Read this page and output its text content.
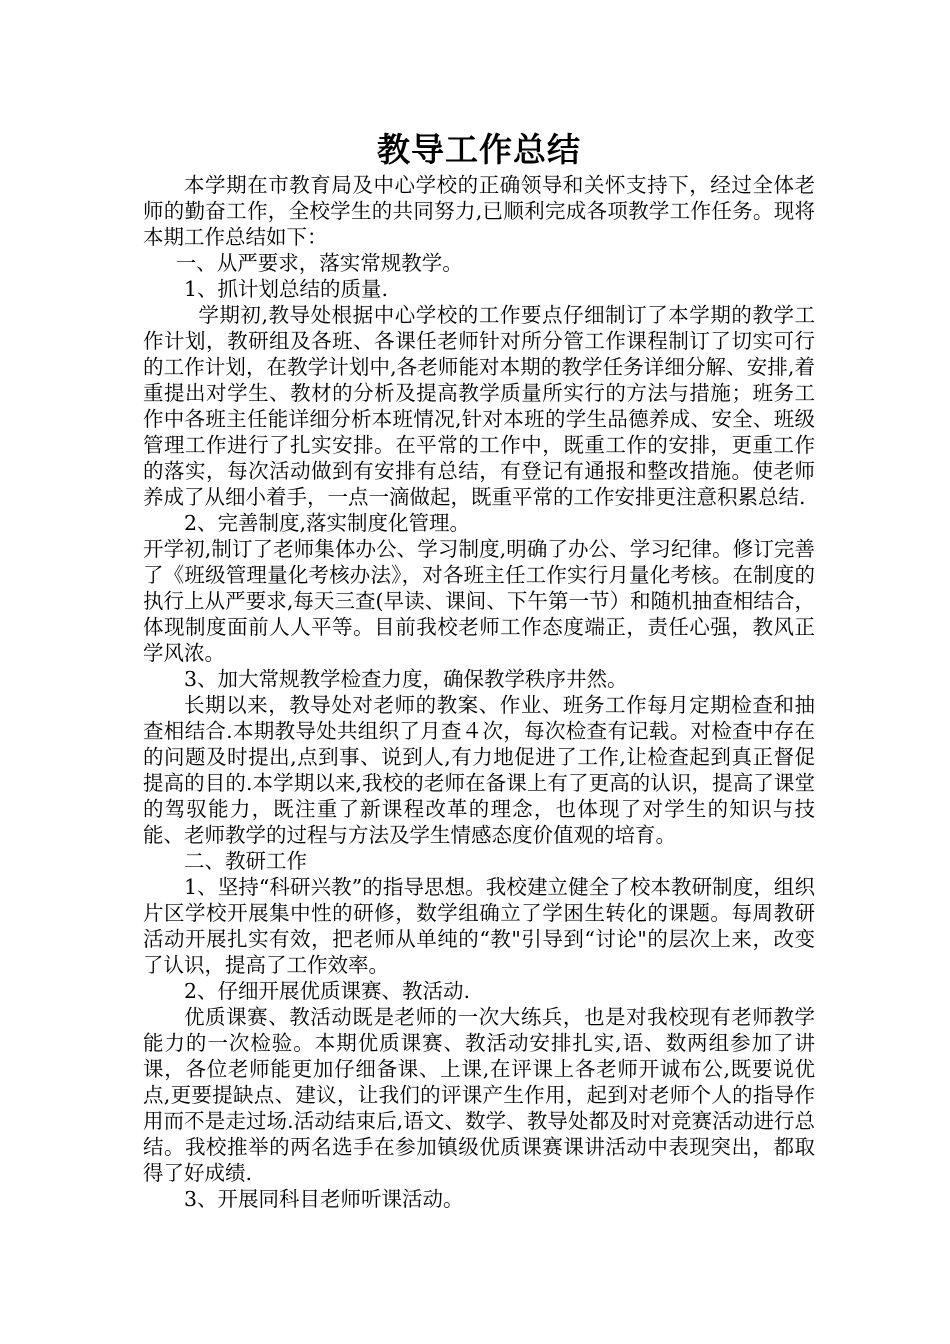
教导工作总结

本学期在市教育局及中心学校的正确领导和关怀支持下，经过全体老师的勤奋工作，全校学生的共同努力,已顺利完成各项教学工作任务。现将本期工作总结如下：

一、从严要求，落实常规教学。

1、抓计划总结的质量.

学期初,教导处根据中心学校的工作要点仔细制订了本学期的教学工作计划，教研组及各班、各课任老师针对所分管工作课程制订了切实可行的工作计划，在教学计划中,各老师能对本期的教学任务详细分解、安排,着重提出对学生、教材的分析及提高教学质量所实行的方法与措施；班务工作中各班主任能详细分析本班情况,针对本班的学生品德养成、安全、班级管理工作进行了扎实安排。在平常的工作中，既重工作的安排，更重工作的落实，每次活动做到有安排有总结，有登记有通报和整改措施。使老师养成了从细小着手，一点一滴做起，既重平常的工作安排更注意积累总结.

2、完善制度,落实制度化管理。

开学初,制订了老师集体办公、学习制度,明确了办公、学习纪律。修订完善了《班级管理量化考核办法》，对各班主任工作实行月量化考核。在制度的执行上从严要求,每天三查(早读、课间、下午第一节）和随机抽查相结合，体现制度面前人人平等。目前我校老师工作态度端正，责任心强，教风正学风浓。

3、加大常规教学检查力度，确保教学秩序井然。

长期以来，教导处对老师的教案、作业、班务工作每月定期检查和抽查相结合.本期教导处共组织了月查４次，每次检查有记载。对检查中存在的问题及时提出,点到事、说到人,有力地促进了工作,让检查起到真正督促提高的目的.本学期以来,我校的老师在备课上有了更高的认识，提高了课堂的驾驭能力，既注重了新课程改革的理念，也体现了对学生的知识与技能、老师教学的过程与方法及学生情感态度价值观的培育。

二、教研工作

1、坚持“科研兴教”的指导思想。我校建立健全了校本教研制度，组织片区学校开展集中性的研修，数学组确立了学困生转化的课题。每周教研活动开展扎实有效，把老师从单纯的“教"引导到“讨论"的层次上来，改变了认识，提高了工作效率。

2、仔细开展优质课赛、教活动.

优质课赛、教活动既是老师的一次大练兵，也是对我校现有老师教学能力的一次检验。本期优质课赛、教活动安排扎实,语、数两组参加了讲课，各位老师能更加仔细备课、上课,在评课上各老师开诚布公,既要说优点,更要提缺点、建议，让我们的评课产生作用，起到对老师个人的指导作用而不是走过场.活动结束后,语文、数学、教导处都及时对竞赛活动进行总结。我校推举的两名选手在参加镇级优质课赛课讲活动中表现突出，都取得了好成绩.

3、开展同科目老师听课活动。
